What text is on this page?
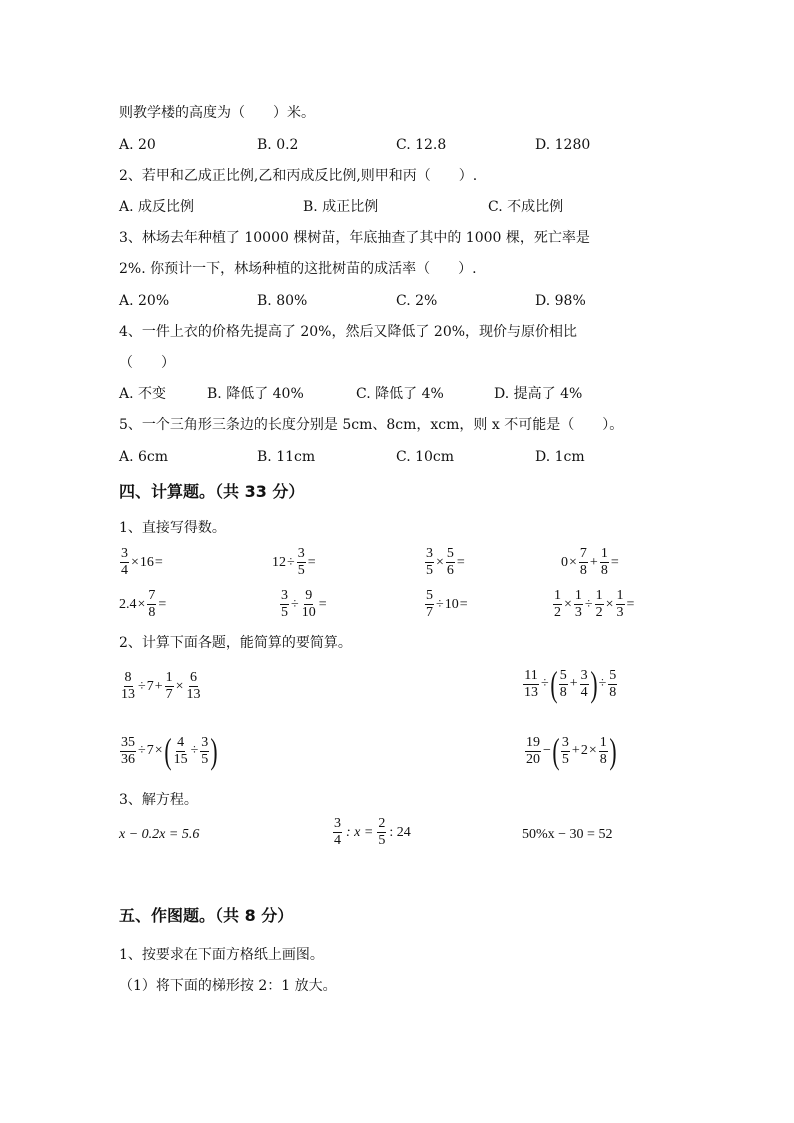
则教学楼的高度为（　　）米。
A. 20	B. 0.2	C. 12.8	D. 1280
2、若甲和乙成正比例,乙和丙成反比例,则甲和丙（　　）.
A. 成反比例	B. 成正比例	C. 不成比例
3、林场去年种植了 10000 棵树苗，年底抽查了其中的 1000 棵，死亡率是
2%. 你预计一下，林场种植的这批树苗的成活率（　　）.
A. 20%	B. 80%	C. 2%	D. 98%
4、一件上衣的价格先提高了 20%，然后又降低了 20%，现价与原价相比
（　　）
A. 不变	B. 降低了 40%	C. 降低了 4%	D. 提高了 4%
5、一个三角形三条边的长度分别是 5cm、8cm，xcm，则 x 不可能是（　　）。
A. 6cm	B. 11cm	C. 10cm	D. 1cm
四、计算题。（共 33 分）
1、直接写得数。
$\frac{3}{4} \times 16$ =	$12 \div \frac{3}{5}$ =	$\frac{3}{5} \times \frac{5}{6}$ =	$0 \times \frac{7}{8} + \frac{1}{8}$ =
$2.4 \times \frac{7}{8}$ =	$\frac{3}{5} \div \frac{9}{10}$ =	$\frac{5}{7} \div 10$ =	$\frac{1}{2} \times \frac{1}{3} \div \frac{1}{2} \times \frac{1}{3}$ =
2、计算下面各题，能简算的要简算。
$\frac{8}{13} \div 7 + \frac{1}{7} \times \frac{6}{13}$	$\frac{11}{13}$ ÷ ( $\frac{5}{8} + \frac{3}{4}$ ) ÷ $\frac{5}{8}$
$\frac{35}{36} \div 7$ × ( $\frac{4}{15} \div \frac{3}{5}$ )	$\frac{19}{20}$ − ( $\frac{3}{5} + 2 \times \frac{1}{8}$ )
3、解方程。
x − 0.2x = 5.6	$\frac{3}{4}$ : $x = \frac{2}{5}$ : 24	50%x − 30 = 52
五、作图题。（共 8 分）
1、按要求在下面方格纸上画图。
（1）将下面的梯形按 2：1 放大。
